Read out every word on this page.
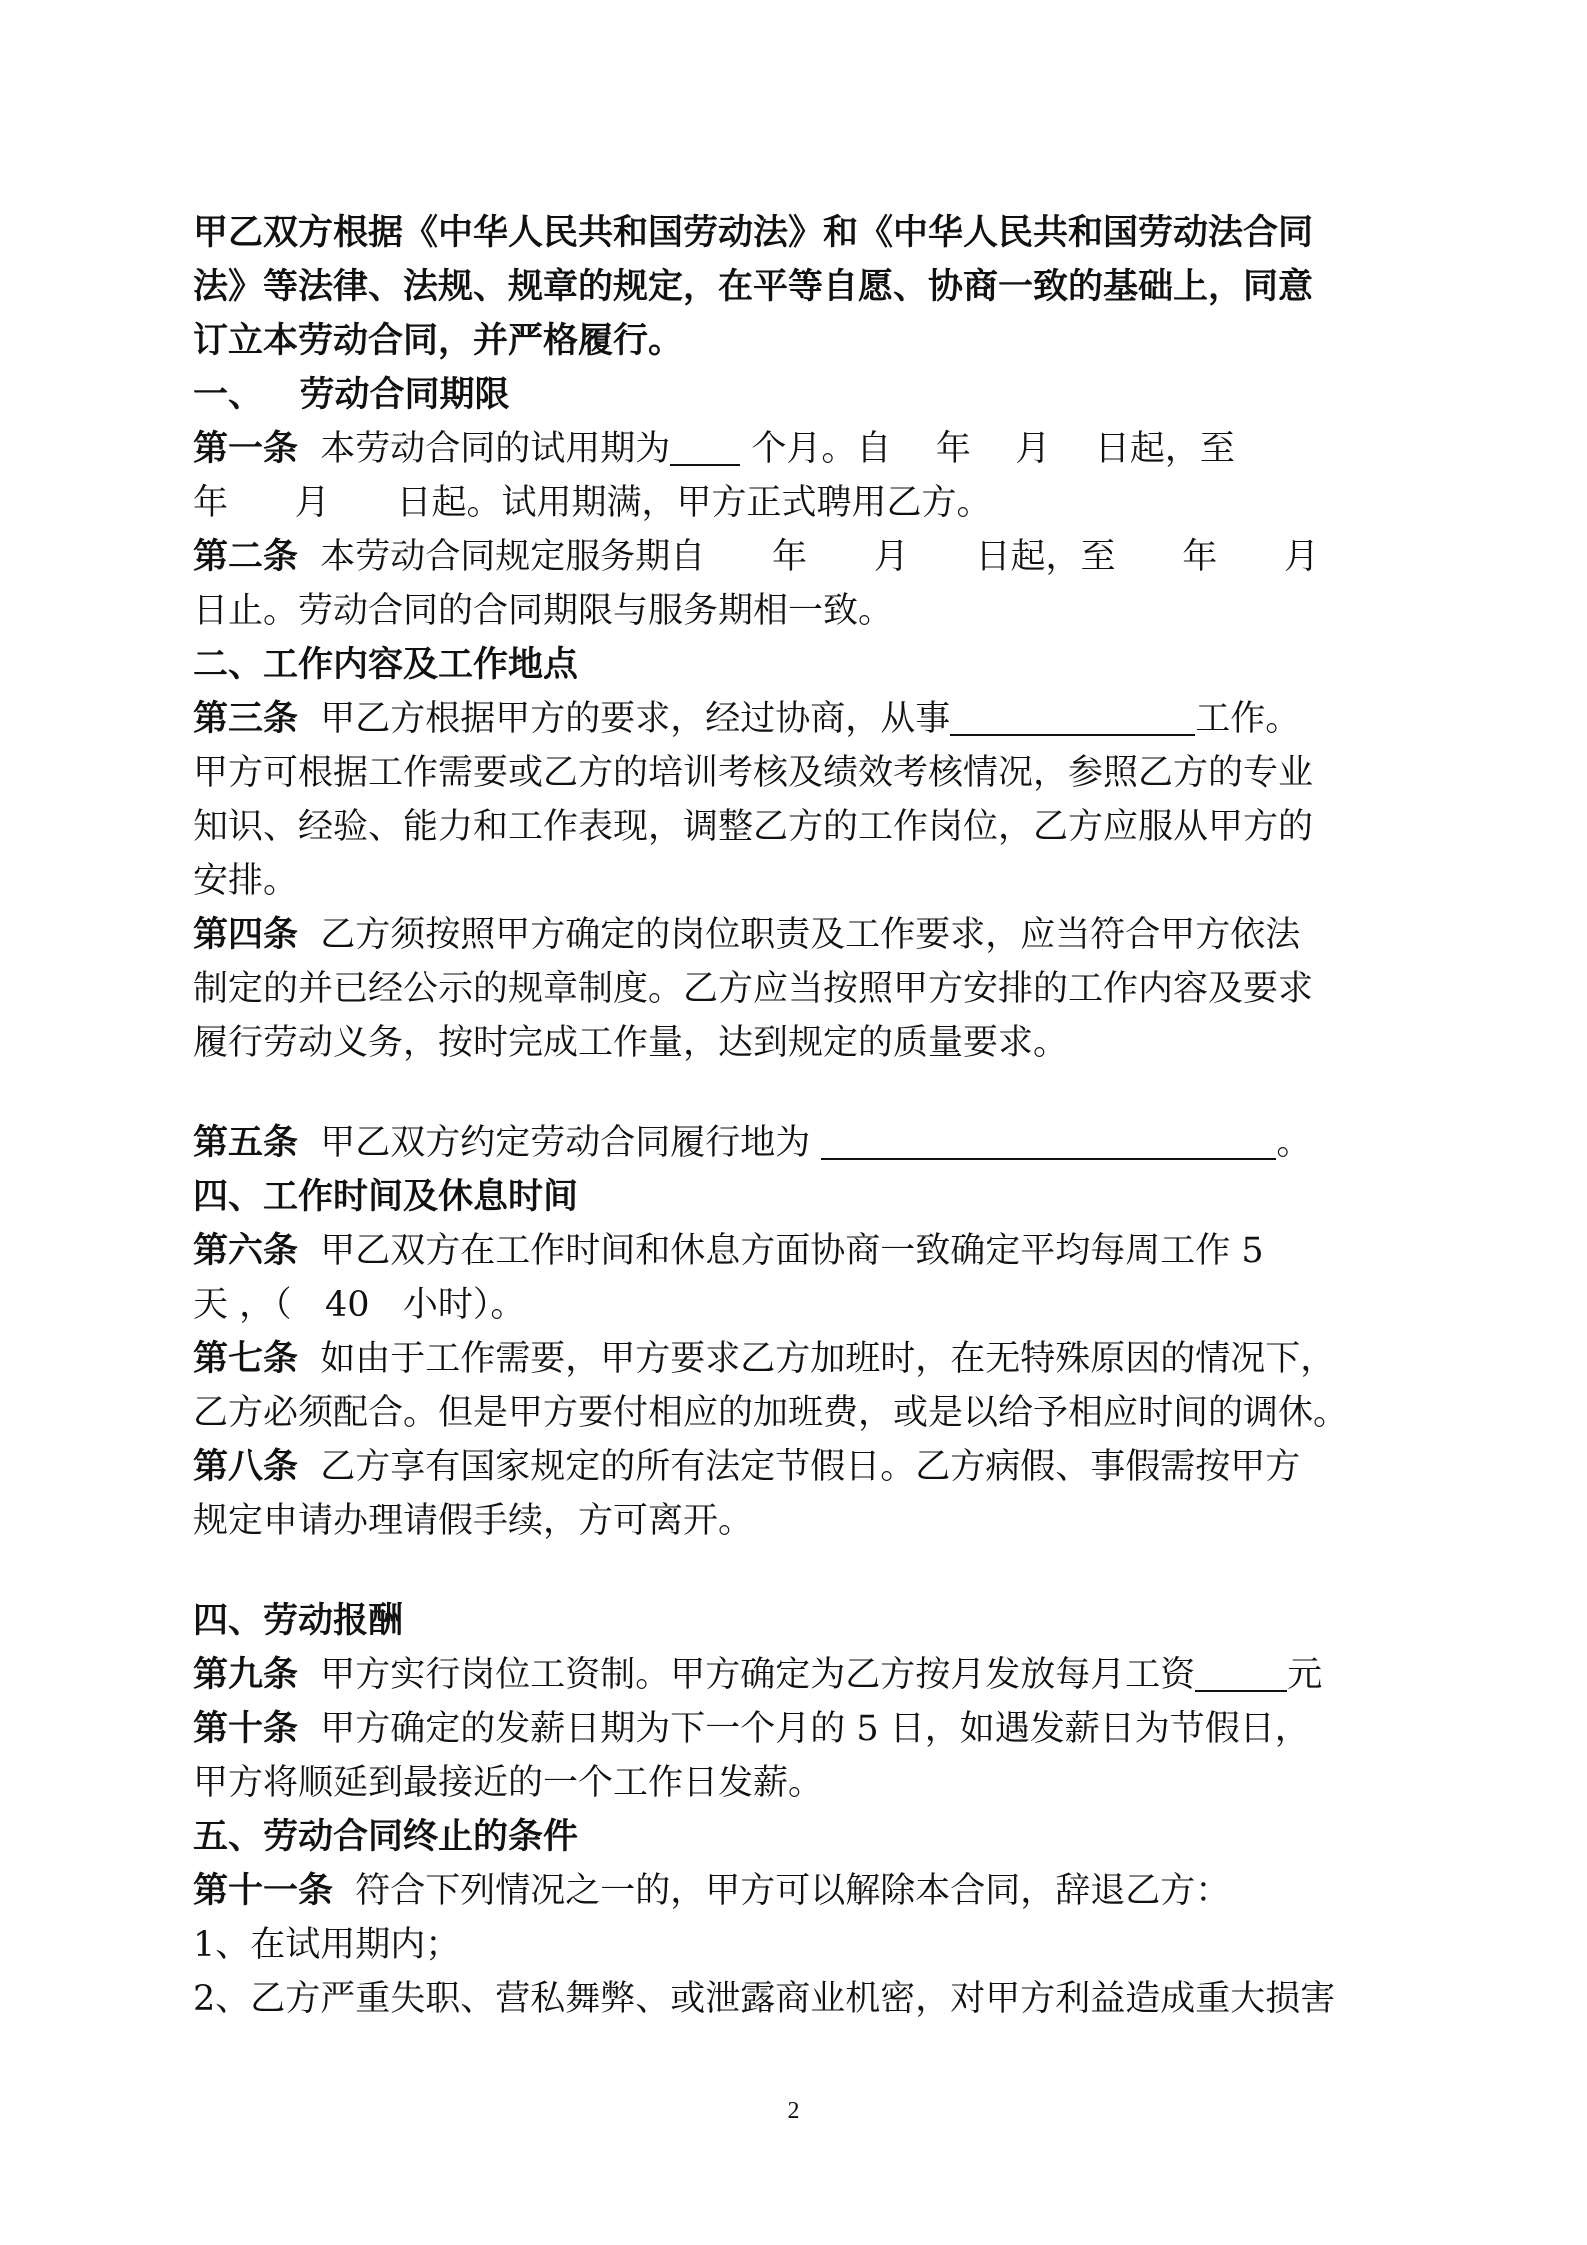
甲乙双方根据《中华人民共和国劳动法》和《中华人民共和国劳动法合同
法》等法律、法规、规章的规定，在平等自愿、协商一致的基础上，同意
订立本劳动合同，并严格履行。
一、   劳动合同期限
第一条  本劳动合同的试用期为 个月。自    年    月    日起，至
年      月      日起。试用期满，甲方正式聘用乙方。
第二条  本劳动合同规定服务期自      年      月      日起，至      年      月
日止。劳动合同的合同期限与服务期相一致。
二、工作内容及工作地点
第三条  甲乙方根据甲方的要求，经过协商，从事	工作。
甲方可根据工作需要或乙方的培训考核及绩效考核情况，参照乙方的专业
知识、经验、能力和工作表现，调整乙方的工作岗位，乙方应服从甲方的
安排。
第四条  乙方须按照甲方确定的岗位职责及工作要求，应当符合甲方依法
制定的并已经公示的规章制度。乙方应当按照甲方安排的工作内容及要求
履行劳动义务，按时完成工作量，达到规定的质量要求。
第五条  甲乙双方约定劳动合同履行地为	。
四、工作时间及休息时间
第六条  甲乙双方在工作时间和休息方面协商一致确定平均每周工作 5
天 ，（   40   小时）。
第七条  如由于工作需要，甲方要求乙方加班时，在无特殊原因的情况下，
乙方必须配合。但是甲方要付相应的加班费，或是以给予相应时间的调休。
第八条  乙方享有国家规定的所有法定节假日。乙方病假、事假需按甲方
规定申请办理请假手续，方可离开。
四、劳动报酬
第九条  甲方实行岗位工资制。甲方确定为乙方按月发放每月工资	元
第十条  甲方确定的发薪日期为下一个月的 5 日，如遇发薪日为节假日，
甲方将顺延到最接近的一个工作日发薪。
五、劳动合同终止的条件
第十一条  符合下列情况之一的，甲方可以解除本合同，辞退乙方：
1、在试用期内；
2、乙方严重失职、营私舞弊、或泄露商业机密，对甲方利益造成重大损害
2
